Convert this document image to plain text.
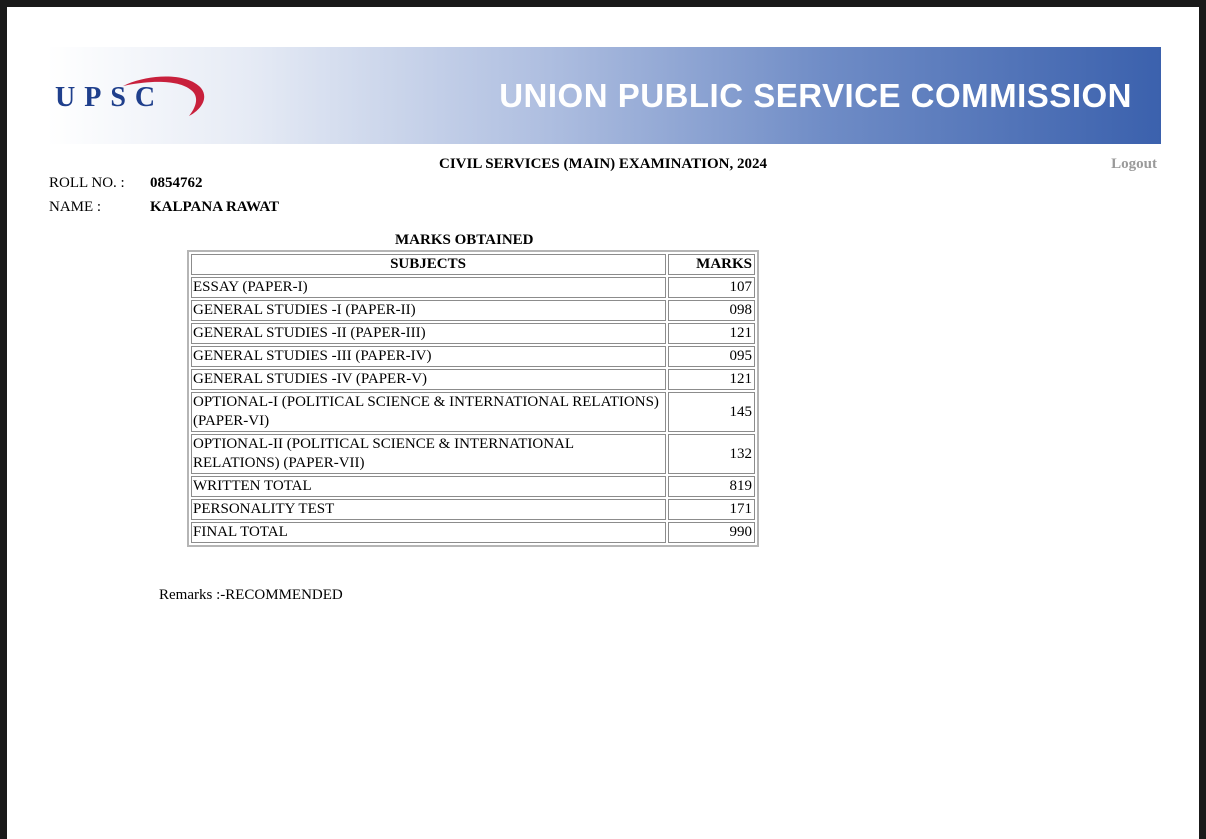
UPSC	UNION PUBLIC SERVICE COMMISSION
CIVIL SERVICES (MAIN) EXAMINATION, 2024	Logout
ROLL NO. : 0854762
NAME :	KALPANA RAWAT
MARKS OBTAINED
SUBJECTS	MARKS
ESSAY (PAPER-I)	107
GENERAL STUDIES -I (PAPER-II)	098
GENERAL STUDIES -II (PAPER-III)	121
GENERAL STUDIES -III (PAPER-IV)	095
GENERAL STUDIES -IV (PAPER-V)	121
OPTIONAL-I (POLITICAL SCIENCE & INTERNATIONAL RELATIONS) (PAPER-VI)	145
OPTIONAL-II (POLITICAL SCIENCE & INTERNATIONAL RELATIONS) (PAPER-VII)	132
WRITTEN TOTAL	819
PERSONALITY TEST	171
FINAL TOTAL	990
Remarks :-RECOMMENDED
